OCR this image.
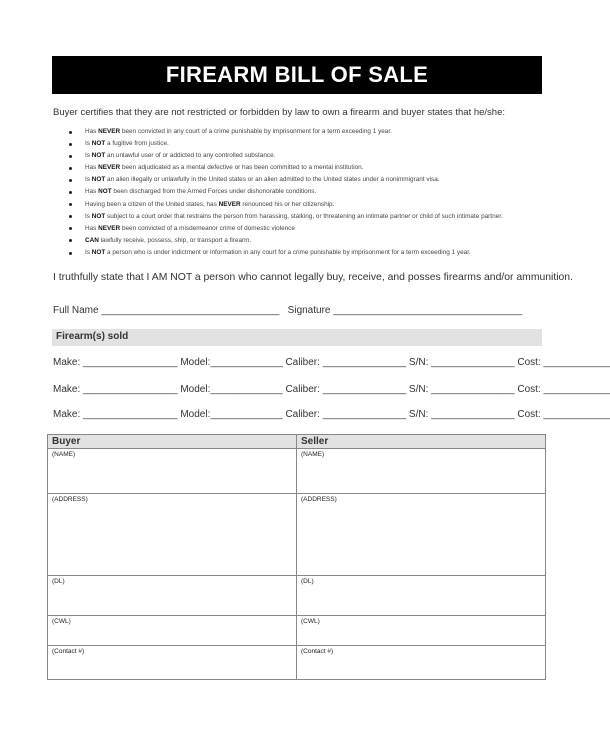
FIREARM BILL OF SALE
Buyer certifies that they are not restricted or forbidden by law to own a firearm and buyer states that he/she:
Has NEVER been convicted in any court of a crime punishable by imprisonment for a term exceeding 1 year.
Is NOT a fugitive from justice.
Is NOT an unlawful user of or addicted to any controlled substance.
Has NEVER been adjudicated as a mental defective or has been committed to a mental institution.
Is NOT an alien illegally or unlawfully in the United states or an alien admitted to the United states under a nonimmigrant visa.
Has NOT been discharged from the Armed Forces under dishonorable conditions.
Having been a citizen of the United states, has NEVER renounced his or her citizenship.
Is NOT subject to a court order that restrains the person from harassing, stalking, or threatening an intimate partner or child of such intimate partner.
Has NEVER been convicted of a misdemeanor crime of domestic violence
CAN lawfully receive, possess, ship, or transport a firearm.
Is NOT a person who is under indictment or information in any court for a crime punishable by imprisonment for a term exceeding 1 year.
I truthfully state that I AM NOT a person who cannot legally buy, receive, and posses firearms and/or ammunition.
Full Name ________________________________ Signature __________________________________
Firearm(s) sold
Make: _________________ Model:_____________ Caliber: _______________ S/N: _______________ Cost: ____________
Make: _________________ Model:_____________ Caliber: _______________ S/N: _______________ Cost: ____________
Make: _________________ Model:_____________ Caliber: _______________ S/N: _______________ Cost: ____________
Buyer	Seller
(NAME)	(NAME)
(ADDRESS)	(ADDRESS)
(DL)	(DL)
(CWL)	(CWL)
(Contact #)	(Contact #)
